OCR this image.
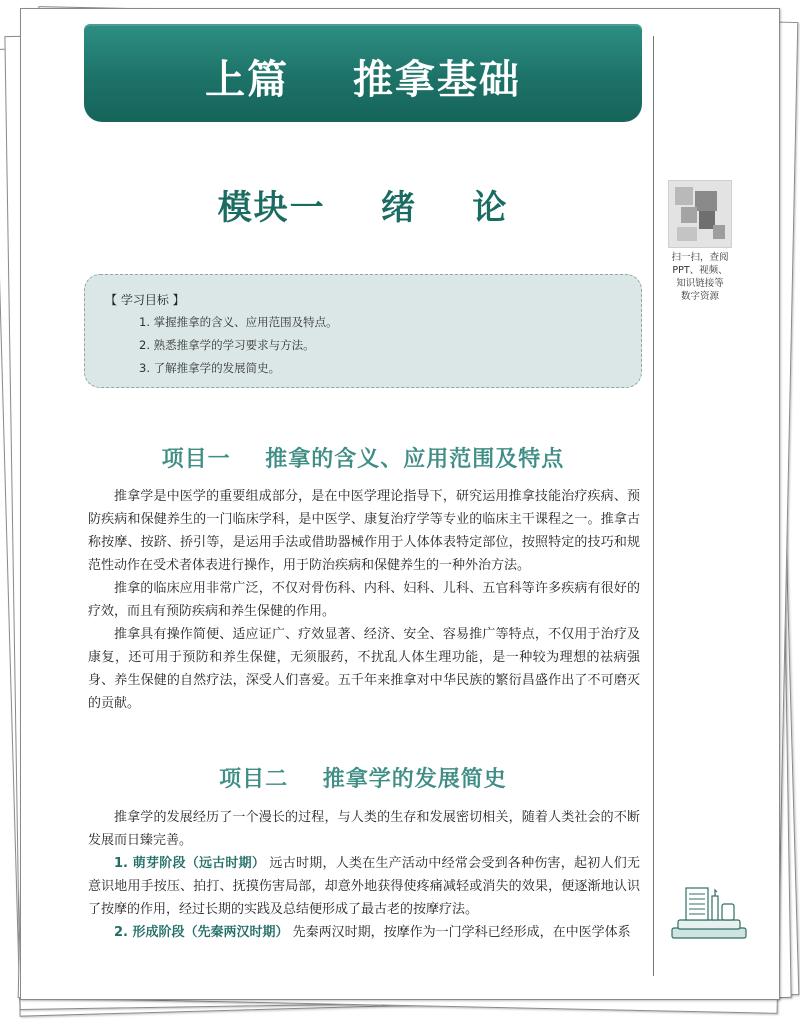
上篇    推拿基础
模块一    绪    论
扫一扫，查阅
PPT、视频、
知识链接等
数字资源
【 学习目标 】
1. 掌握推拿的含义、应用范围及特点。
2. 熟悉推拿学的学习要求与方法。
3. 了解推拿学的发展简史。
项目一    推拿的含义、应用范围及特点
推拿学是中医学的重要组成部分，是在中医学理论指导下，研究运用推拿技能治疗疾病、预防疾病和保健养生的一门临床学科，是中医学、康复治疗学等专业的临床主干课程之一。推拿古称按摩、按跻、挢引等，是运用手法或借助器械作用于人体体表特定部位，按照特定的技巧和规范性动作在受术者体表进行操作，用于防治疾病和保健养生的一种外治方法。
推拿的临床应用非常广泛，不仅对骨伤科、内科、妇科、儿科、五官科等许多疾病有很好的疗效，而且有预防疾病和养生保健的作用。
推拿具有操作简便、适应证广、疗效显著、经济、安全、容易推广等特点，不仅用于治疗及康复，还可用于预防和养生保健，无须服药，不扰乱人体生理功能，是一种较为理想的祛病强身、养生保健的自然疗法，深受人们喜爱。五千年来推拿对中华民族的繁衍昌盛作出了不可磨灭的贡献。
项目二    推拿学的发展简史
推拿学的发展经历了一个漫长的过程，与人类的生存和发展密切相关，随着人类社会的不断发展而日臻完善。
1. 萌芽阶段（远古时期） 远古时期，人类在生产活动中经常会受到各种伤害，起初人们无意识地用手按压、拍打、抚摸伤害局部，却意外地获得使疼痛减轻或消失的效果，便逐渐地认识了按摩的作用，经过长期的实践及总结便形成了最古老的按摩疗法。
2. 形成阶段（先秦两汉时期） 先秦两汉时期，按摩作为一门学科已经形成，在中医学体系
